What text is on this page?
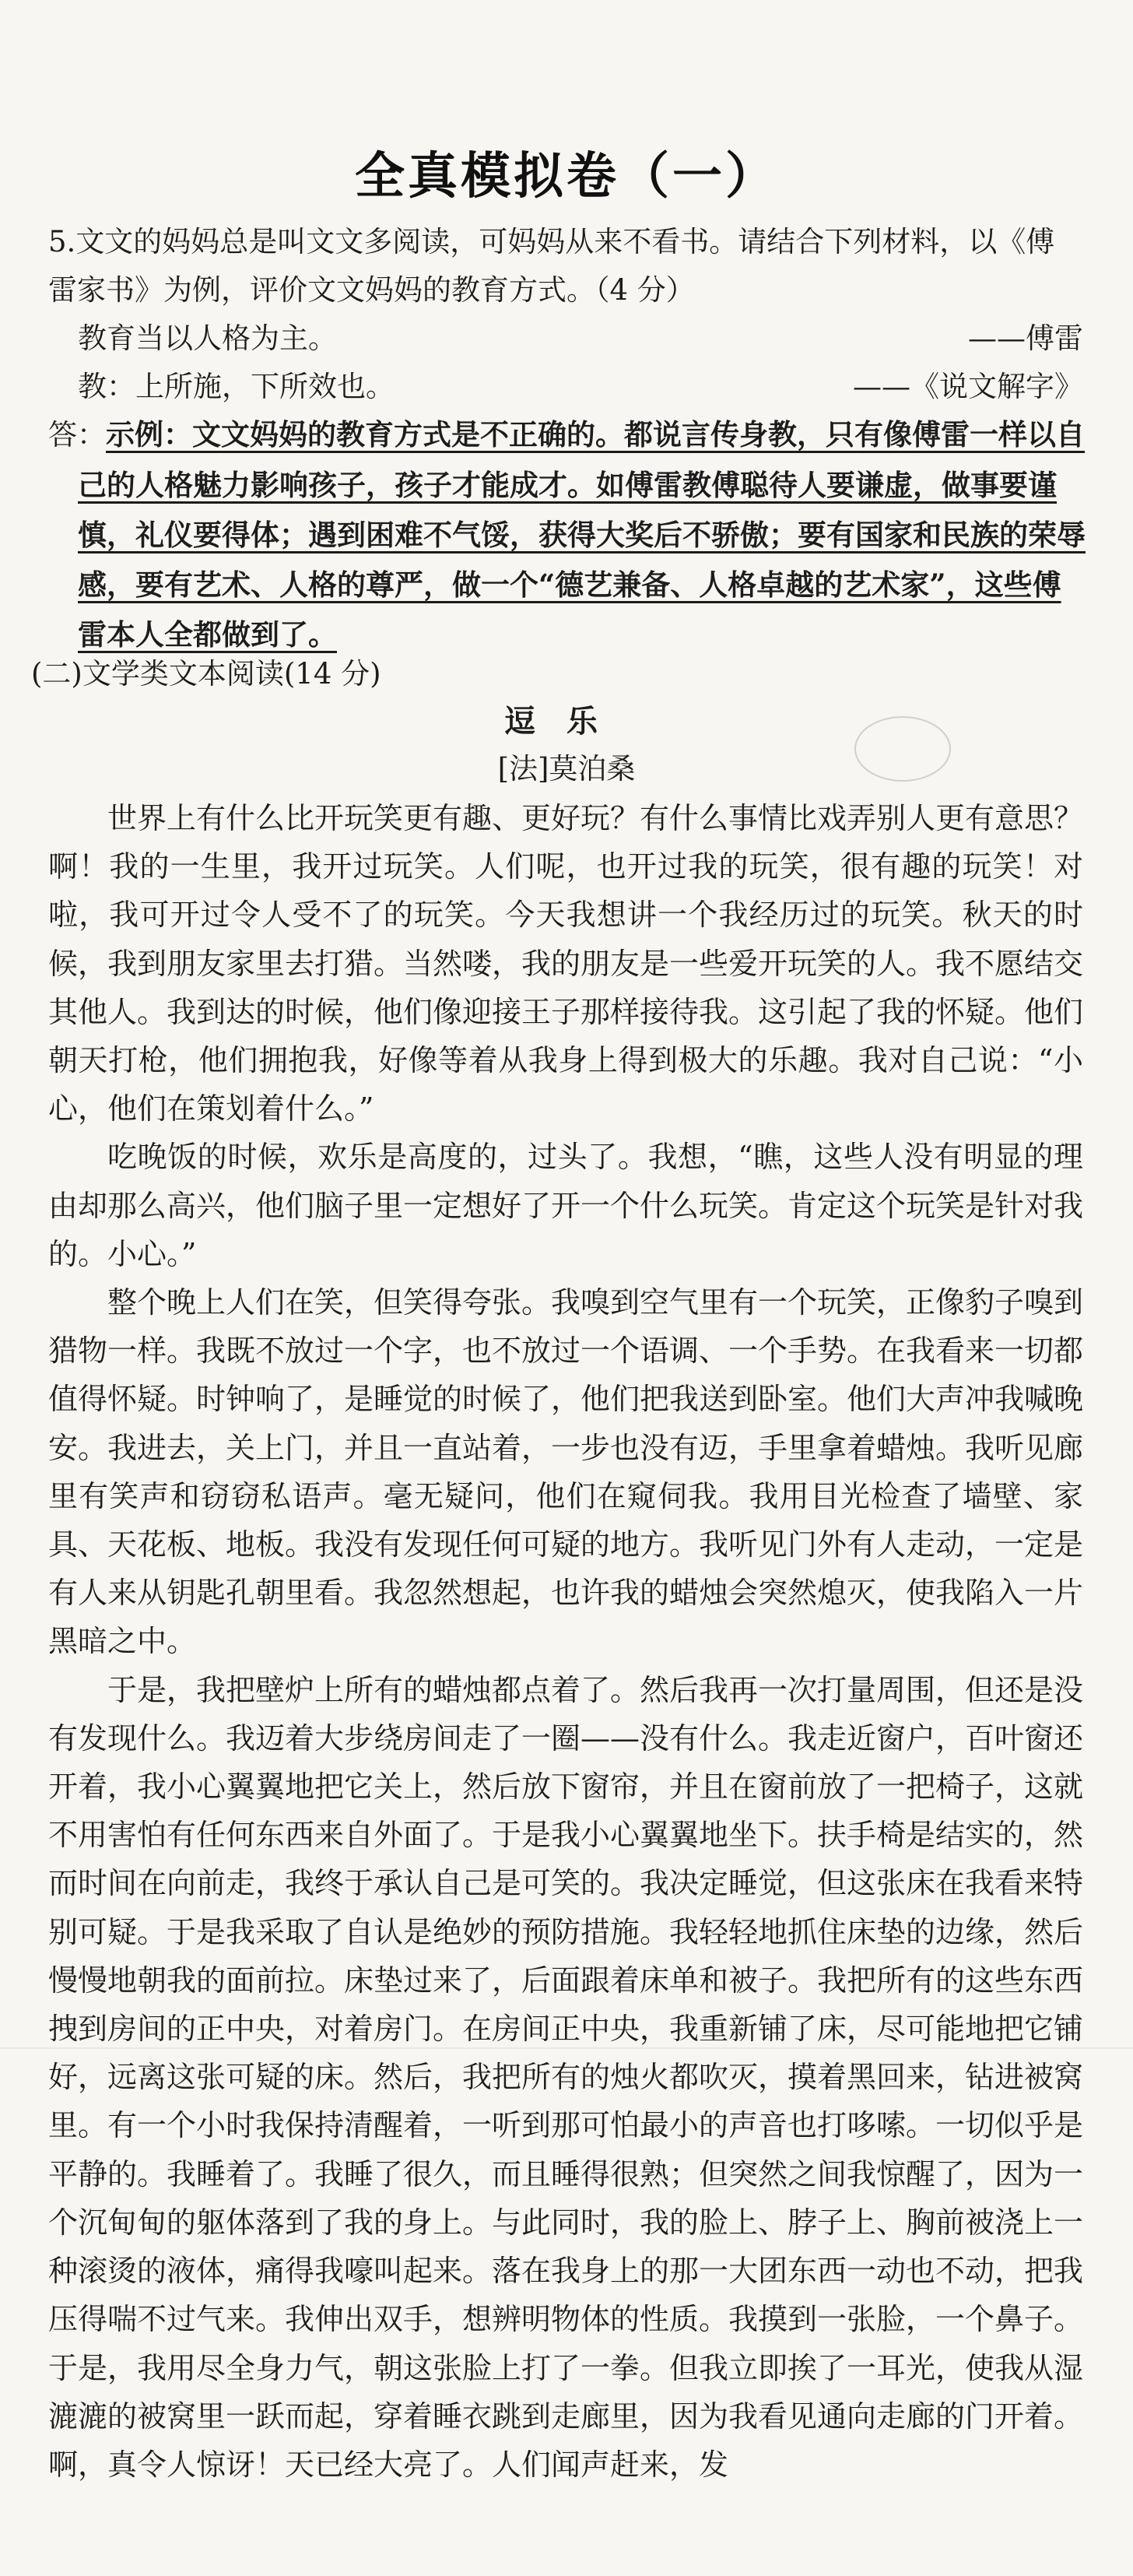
全真模拟卷（一）

5.文文的妈妈总是叫文文多阅读，可妈妈从来不看书。请结合下列材料，以《傅雷家书》为例，评价文文妈妈的教育方式。（4 分）

教育当以人格为主。	——傅雷
教：上所施，下所效也。	——《说文解字》
答：示例：文文妈妈的教育方式是不正确的。都说言传身教，只有像傅雷一样以自己的人格魅力影响孩子，孩子才能成才。如傅雷教傅聪待人要谦虚，做事要谨慎，礼仪要得体；遇到困难不气馁，获得大奖后不骄傲；要有国家和民族的荣辱感，要有艺术、人格的尊严，做一个“德艺兼备、人格卓越的艺术家”，这些傅雷本人全都做到了。
(二)文学类文本阅读(14 分)
逗乐
[法]莫泊桑

世界上有什么比开玩笑更有趣、更好玩？有什么事情比戏弄别人更有意思？啊！我的一生里，我开过玩笑。人们呢，也开过我的玩笑，很有趣的玩笑！对啦，我可开过令人受不了的玩笑。今天我想讲一个我经历过的玩笑。秋天的时候，我到朋友家里去打猎。当然喽，我的朋友是一些爱开玩笑的人。我不愿结交其他人。我到达的时候，他们像迎接王子那样接待我。这引起了我的怀疑。他们朝天打枪，他们拥抱我，好像等着从我身上得到极大的乐趣。我对自己说：“小心，他们在策划着什么。”

吃晚饭的时候，欢乐是高度的，过头了。我想，“瞧，这些人没有明显的理由却那么高兴，他们脑子里一定想好了开一个什么玩笑。肯定这个玩笑是针对我的。小心。”

整个晚上人们在笑，但笑得夸张。我嗅到空气里有一个玩笑，正像豹子嗅到猎物一样。我既不放过一个字，也不放过一个语调、一个手势。在我看来一切都值得怀疑。时钟响了，是睡觉的时候了，他们把我送到卧室。他们大声冲我喊晚安。我进去，关上门，并且一直站着，一步也没有迈，手里拿着蜡烛。我听见廊里有笑声和窃窃私语声。毫无疑问，他们在窥伺我。我用目光检查了墙壁、家具、天花板、地板。我没有发现任何可疑的地方。我听见门外有人走动，一定是有人来从钥匙孔朝里看。我忽然想起，也许我的蜡烛会突然熄灭，使我陷入一片黑暗之中。

于是，我把壁炉上所有的蜡烛都点着了。然后我再一次打量周围，但还是没有发现什么。我迈着大步绕房间走了一圈——没有什么。我走近窗户，百叶窗还开着，我小心翼翼地把它关上，然后放下窗帘，并且在窗前放了一把椅子，这就不用害怕有任何东西来自外面了。于是我小心翼翼地坐下。扶手椅是结实的，然而时间在向前走，我终于承认自己是可笑的。我决定睡觉，但这张床在我看来特别可疑。于是我采取了自认是绝妙的预防措施。我轻轻地抓住床垫的边缘，然后慢慢地朝我的面前拉。床垫过来了，后面跟着床单和被子。我把所有的这些东西拽到房间的正中央，对着房门。在房间正中央，我重新铺了床，尽可能地把它铺好，远离这张可疑的床。然后，我把所有的烛火都吹灭，摸着黑回来，钻进被窝里。有一个小时我保持清醒着，一听到那可怕最小的声音也打哆嗦。一切似乎是平静的。我睡着了。我睡了很久，而且睡得很熟；但突然之间我惊醒了，因为一个沉甸甸的躯体落到了我的身上。与此同时，我的脸上、脖子上、胸前被浇上一种滚烫的液体，痛得我嚎叫起来。落在我身上的那一大团东西一动也不动，把我压得喘不过气来。我伸出双手，想辨明物体的性质。我摸到一张脸，一个鼻子。于是，我用尽全身力气，朝这张脸上打了一拳。但我立即挨了一耳光，使我从湿漉漉的被窝里一跃而起，穿着睡衣跳到走廊里，因为我看见通向走廊的门开着。啊，真令人惊讶！天已经大亮了。人们闻声赶来，发
